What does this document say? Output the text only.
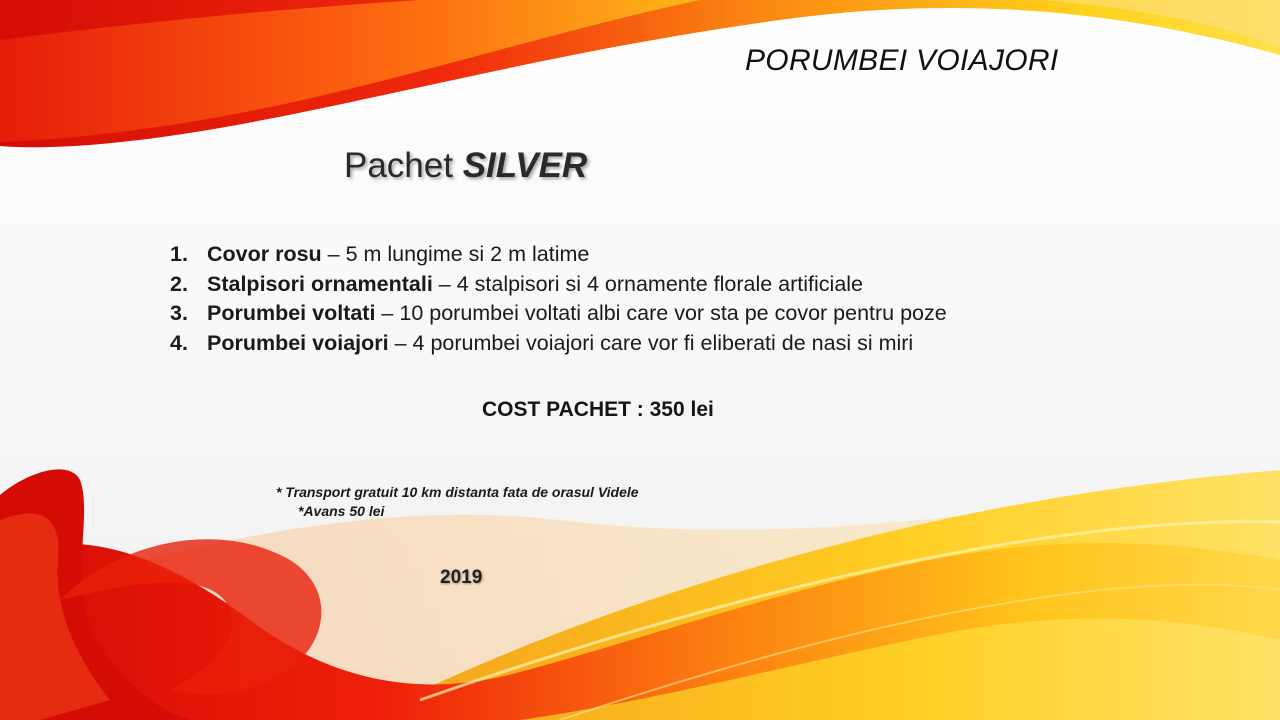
PORUMBEI VOIAJORI
Pachet SILVER
1. Covor rosu – 5 m lungime si 2 m latime
2. Stalpisori ornamentali – 4 stalpisori si 4 ornamente florale artificiale
3. Porumbei voltati – 10 porumbei voltati albi care vor sta pe covor pentru poze
4. Porumbei voiajori – 4 porumbei voiajori care vor fi eliberati de nasi si miri
COST PACHET : 350 lei
* Transport gratuit 10 km distanta fata de orasul Videle
*Avans 50 lei
2019
